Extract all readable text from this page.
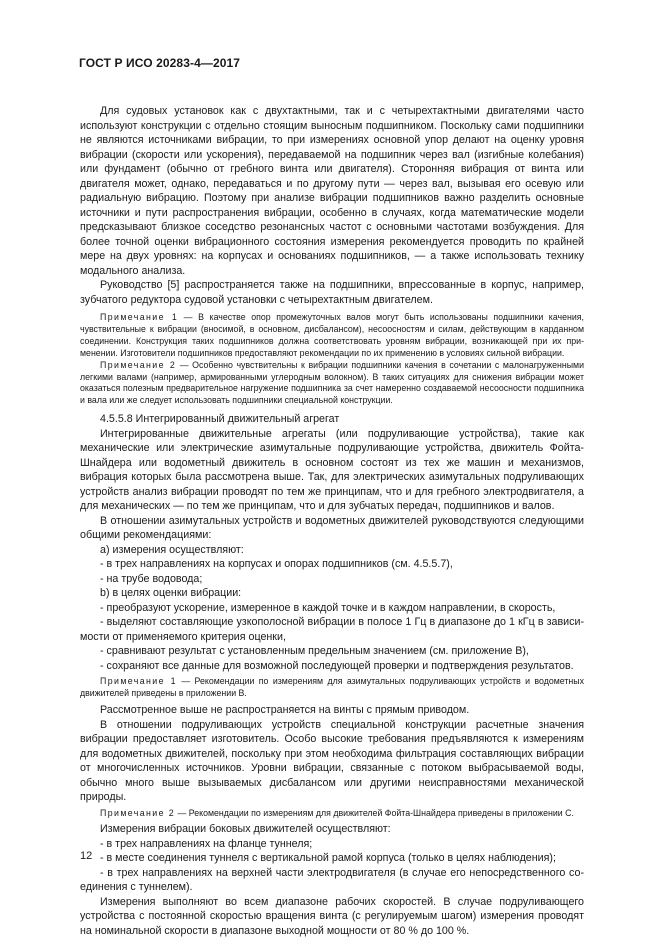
ГОСТ Р ИСО 20283-4—2017

Для судовых установок как с двухтактными, так и с четырехтактными двигателями часто используют конструкции с отдельно стоящим выносным подшипником. Поскольку сами подшипники не являются источниками вибрации, то при измерениях основной упор делают на оценку уровня вибрации (скорости или ускорения), передаваемой на подшипник через вал (изгибные колебания) или фундамент (обычно от гребного винта или двигателя). Сторонняя вибрация от винта или двигателя может, однако, передаваться и по другому пути — через вал, вызывая его осевую или радиальную вибрацию. Поэтому при анализе вибрации подшипников важно разделить основные источники и пути распространения вибрации, особенно в случаях, когда математические модели предсказывают близкое соседство резонансных частот с основными частотами возбуждения. Для более точной оценки вибрационного состояния измерения рекомендуется проводить по крайней мере на двух уровнях: на корпусах и основаниях подшипников, — а также использовать технику модального анализа.

Руководство [5] распространяется также на подшипники, впрессованные в корпус, например, зубчатого редуктора судовой установки с четырехтактным двигателем.

Примечание 1 — В качестве опор промежуточных валов могут быть использованы подшипники качения, чувствительные к вибрации (вносимой, в основном, дисбалансом), несоосностям и силам, действующим в карданном соединении. Конструкция таких подшипников должна соответствовать уровням вибрации, возникающей при их применении. Изготовители подшипников предоставляют рекомендации по их применению в условиях сильной вибрации.

Примечание 2 — Особенно чувствительны к вибрации подшипники качения в сочетании с малонагруженными легкими валами (например, армированными углеродным волокном). В таких ситуациях для снижения вибрации может оказаться полезным предварительное нагружение подшипника за счет намеренно создаваемой несоосности подшипника и вала или же следует использовать подшипники специальной конструкции.

4.5.5.8 Интегрированный движительный агрегат

Интегрированные движительные агрегаты (или подруливающие устройства), такие как механические или электрические азимутальные подруливающие устройства, движитель Фойта-Шнайдера или водометный движитель в основном состоят из тех же машин и механизмов, вибрация которых была рассмотрена выше. Так, для электрических азимутальных подруливающих устройств анализ вибрации проводят по тем же принципам, что и для гребного электродвигателя, а для механических — по тем же принципам, что и для зубчатых передач, подшипников и валов.

В отношении азимутальных устройств и водометных движителей руководствуются следующими общими рекомендациями:

а) измерения осуществляют:

- в трех направлениях на корпусах и опорах подшипников (см. 4.5.5.7),

- на трубе водовода;

b) в целях оценки вибрации:

- преобразуют ускорение, измеренное в каждой точке и в каждом направлении, в скорость,

- выделяют составляющие узкополосной вибрации в полосе 1 Гц в диапазоне до 1 кГц в зависимости от применяемого критерия оценки,

- сравнивают результат с установленным предельным значением (см. приложение В),

- сохраняют все данные для возможной последующей проверки и подтверждения результатов.

Примечание 1 — Рекомендации по измерениям для азимутальных подруливающих устройств и водометных движителей приведены в приложении В.

Рассмотренное выше не распространяется на винты с прямым приводом.

В отношении подруливающих устройств специальной конструкции расчетные значения вибрации предоставляет изготовитель. Особо высокие требования предъявляются к измерениям для водометных движителей, поскольку при этом необходима фильтрация составляющих вибрации от многочисленных источников. Уровни вибрации, связанные с потоком выбрасываемой воды, обычно много выше вызываемых дисбалансом или другими неисправностями механической природы.

Примечание 2 — Рекомендации по измерениям для движителей Фойта-Шнайдера приведены в приложении С.

Измерения вибрации боковых движителей осуществляют:

- в трех направлениях на фланце туннеля;

- в месте соединения туннеля с вертикальной рамой корпуса (только в целях наблюдения);

- в трех направлениях на верхней части электродвигателя (в случае его непосредственного соединения с туннелем).

Измерения выполняют во всем диапазоне рабочих скоростей. В случае подруливающего устройства с постоянной скоростью вращения винта (с регулируемым шагом) измерения проводят на номинальной скорости в диапазоне выходной мощности от 80 % до 100 %.

12
